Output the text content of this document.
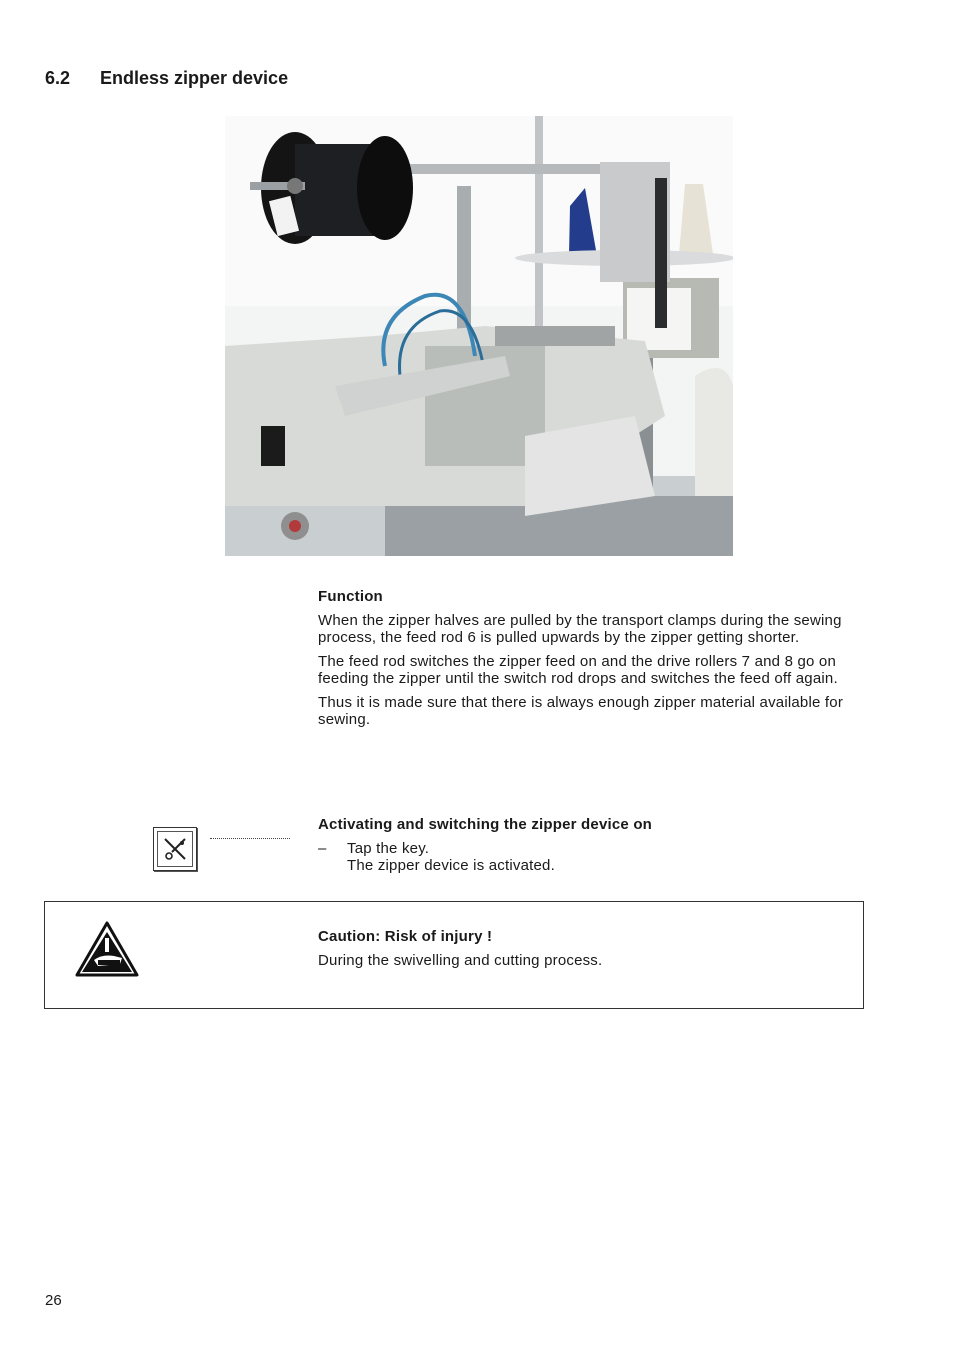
6.2 Endless zipper device

Function

When the zipper halves are pulled by the transport clamps during the sewing process, the feed rod 6 is pulled upwards by the zipper getting shorter.

The feed rod switches the zipper feed on and the drive rollers 7 and 8 go on feeding the zipper until the switch rod drops and switches the feed off again.

Thus it is made sure that there is always enough zipper material available for sewing.

Activating and switching the zipper device on

– Tap the key.
The zipper device is activated.

Caution: Risk of injury !

During the swivelling and cutting process.

26
